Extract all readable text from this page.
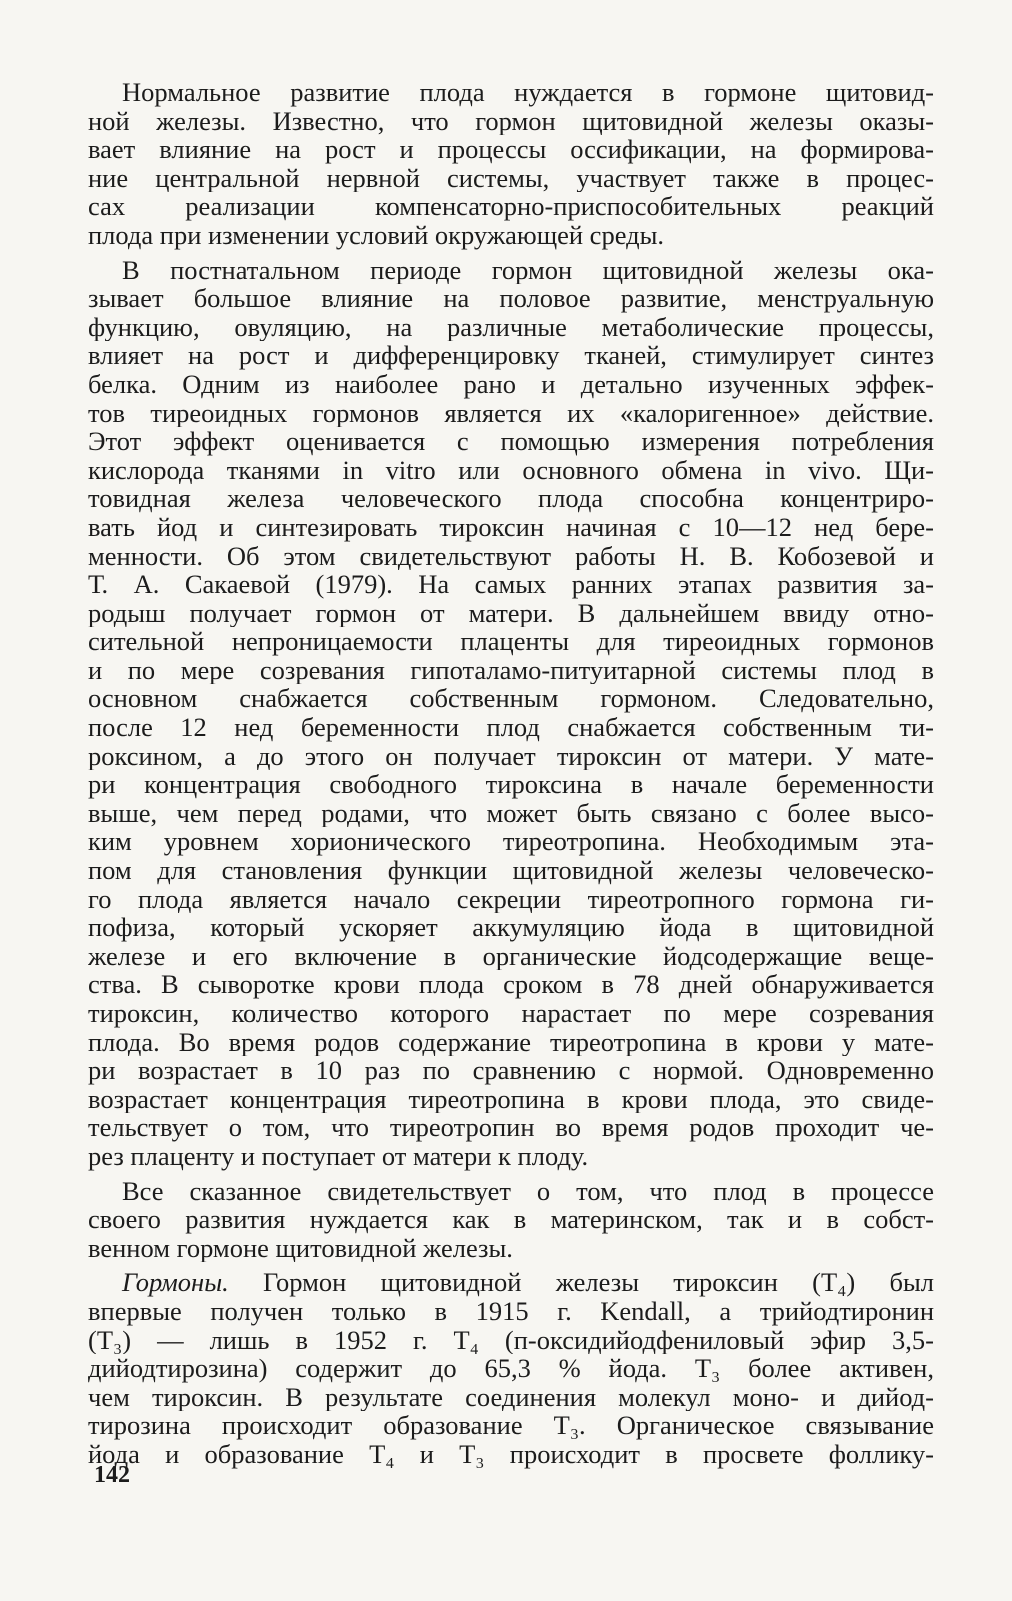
Нормальное развитие плода нуждается в гормоне щитовид-
ной железы. Известно, что гормон щитовидной железы оказы-
вает влияние на рост и процессы оссификации, на формирова-
ние центральной нервной системы, участвует также в процес-
сах реализации компенсаторно-приспособительных реакций
плода при изменении условий окружающей среды.
В постнатальном периоде гормон щитовидной железы ока-
зывает большое влияние на половое развитие, менструальную
функцию, овуляцию, на различные метаболические процессы,
влияет на рост и дифференцировку тканей, стимулирует синтез
белка. Одним из наиболее рано и детально изученных эффек-
тов тиреоидных гормонов является их «калоригенное» действие.
Этот эффект оценивается с помощью измерения потребления
кислорода тканями in vitro или основного обмена in vivo. Щи-
товидная железа человеческого плода способна концентриро-
вать йод и синтезировать тироксин начиная с 10—12 нед бере-
менности. Об этом свидетельствуют работы Н. В. Кобозевой и
Т. А. Сакаевой (1979). На самых ранних этапах развития за-
родыш получает гормон от матери. В дальнейшем ввиду отно-
сительной непроницаемости плаценты для тиреоидных гормонов
и по мере созревания гипоталамо-питуитарной системы плод в
основном снабжается собственным гормоном. Следовательно,
после 12 нед беременности плод снабжается собственным ти-
роксином, а до этого он получает тироксин от матери. У мате-
ри концентрация свободного тироксина в начале беременности
выше, чем перед родами, что может быть связано с более высо-
ким уровнем хорионического тиреотропина. Необходимым эта-
пом для становления функции щитовидной железы человеческо-
го плода является начало секреции тиреотропного гормона ги-
пофиза, который ускоряет аккумуляцию йода в щитовидной
железе и его включение в органические йодсодержащие веще-
ства. В сыворотке крови плода сроком в 78 дней обнаруживается
тироксин, количество которого нарастает по мере созревания
плода. Во время родов содержание тиреотропина в крови у мате-
ри возрастает в 10 раз по сравнению с нормой. Одновременно
возрастает концентрация тиреотропина в крови плода, это свиде-
тельствует о том, что тиреотропин во время родов проходит че-
рез плаценту и поступает от матери к плоду.
Все сказанное свидетельствует о том, что плод в процессе
своего развития нуждается как в материнском, так и в собст-
венном гормоне щитовидной железы.
Гормоны. Гормон щитовидной железы тироксин (T₄) был
впервые получен только в 1915 г. Kendall, а трийодтиронин
(T₃) — лишь в 1952 г. T₄ (п-оксидийодфениловый эфир 3,5-
дийодтирозина) содержит до 65,3 % йода. T₃ более активен,
чем тироксин. В результате соединения молекул моно- и дийод-
тирозина происходит образование T₃. Органическое связывание
йода и образование T₄ и T₃ происходит в просвете фоллику-
142
